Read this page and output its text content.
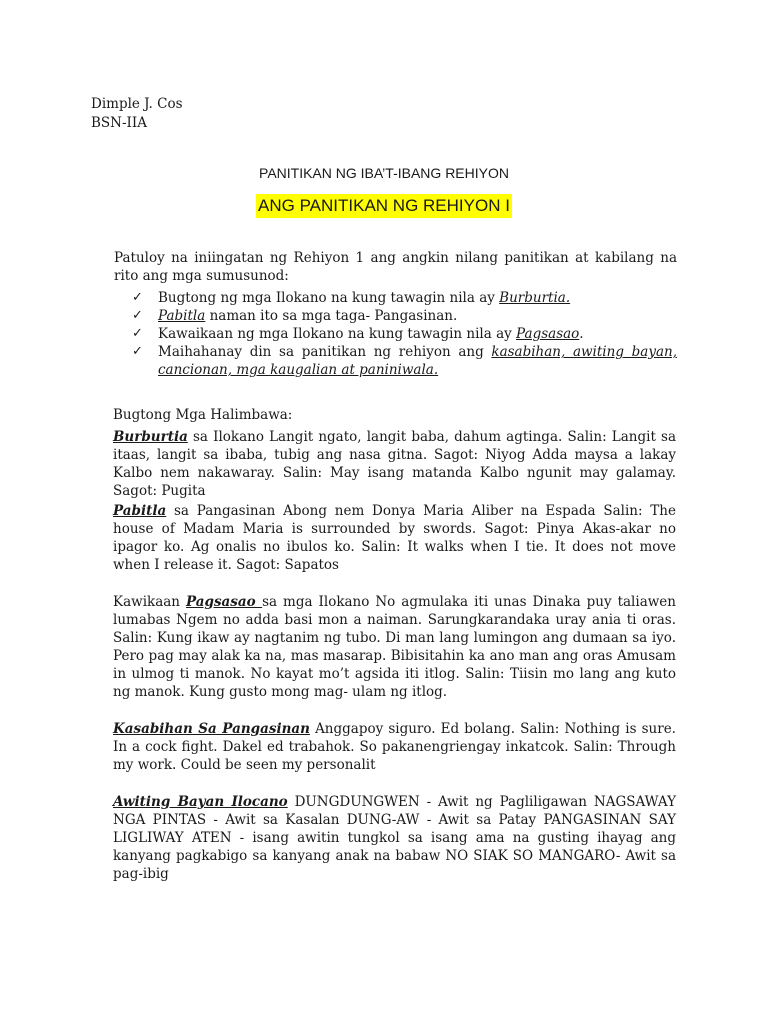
Dimple J. Cos
BSN-IIA
PANITIKAN NG IBA’T-IBANG REHIYON
ANG PANITIKAN NG REHIYON I
Patuloy na iniingatan ng Rehiyon 1 ang angkin nilang panitikan at kabilang na rito ang mga sumusunod:
✓ Bugtong ng mga Ilokano na kung tawagin nila ay Burburtia.
✓ Pabitla naman ito sa mga taga- Pangasinan.
✓ Kawaikaan ng mga Ilokano na kung tawagin nila ay Pagsasao.
✓ Maihahanay din sa panitikan ng rehiyon ang kasabihan, awiting bayan, cancionan, mga kaugalian at paniniwala.
Bugtong Mga Halimbawa:
Burburtia sa Ilokano Langit ngato, langit baba, dahum agtinga. Salin: Langit sa itaas, langit sa ibaba, tubig ang nasa gitna. Sagot: Niyog Adda maysa a lakay Kalbo nem nakawaray. Salin: May isang matanda Kalbo ngunit may galamay. Sagot: Pugita
Pabitla sa Pangasinan Abong nem Donya Maria Aliber na Espada Salin: The house of Madam Maria is surrounded by swords. Sagot: Pinya Akas-akar no ipagor ko. Ag onalis no ibulos ko. Salin: It walks when I tie. It does not move when I release it. Sagot: Sapatos
Kawikaan Pagsasao sa mga Ilokano No agmulaka iti unas Dinaka puy taliawen lumabas Ngem no adda basi mon a naiman. Sarungkarandaka uray ania ti oras. Salin: Kung ikaw ay nagtanim ng tubo. Di man lang lumingon ang dumaan sa iyo. Pero pag may alak ka na, mas masarap. Bibisitahin ka ano man ang oras Amusam in ulmog ti manok. No kayat mo’t agsida iti itlog. Salin: Tiisin mo lang ang kuto ng manok. Kung gusto mong mag- ulam ng itlog.
Kasabihan Sa Pangasinan Anggapoy siguro. Ed bolang. Salin: Nothing is sure. In a cock fight. Dakel ed trabahok. So pakanengriengay inkatcok. Salin: Through my work. Could be seen my personalit
Awiting Bayan Ilocano DUNGDUNGWEN - Awit ng Pagliligawan NAGSAWAY NGA PINTAS - Awit sa Kasalan DUNG-AW - Awit sa Patay PANGASINAN SAY LIGLIWAY ATEN - isang awitin tungkol sa isang ama na gusting ihayag ang kanyang pagkabigo sa kanyang anak na babaw NO SIAK SO MANGARO- Awit sa pag-ibig
